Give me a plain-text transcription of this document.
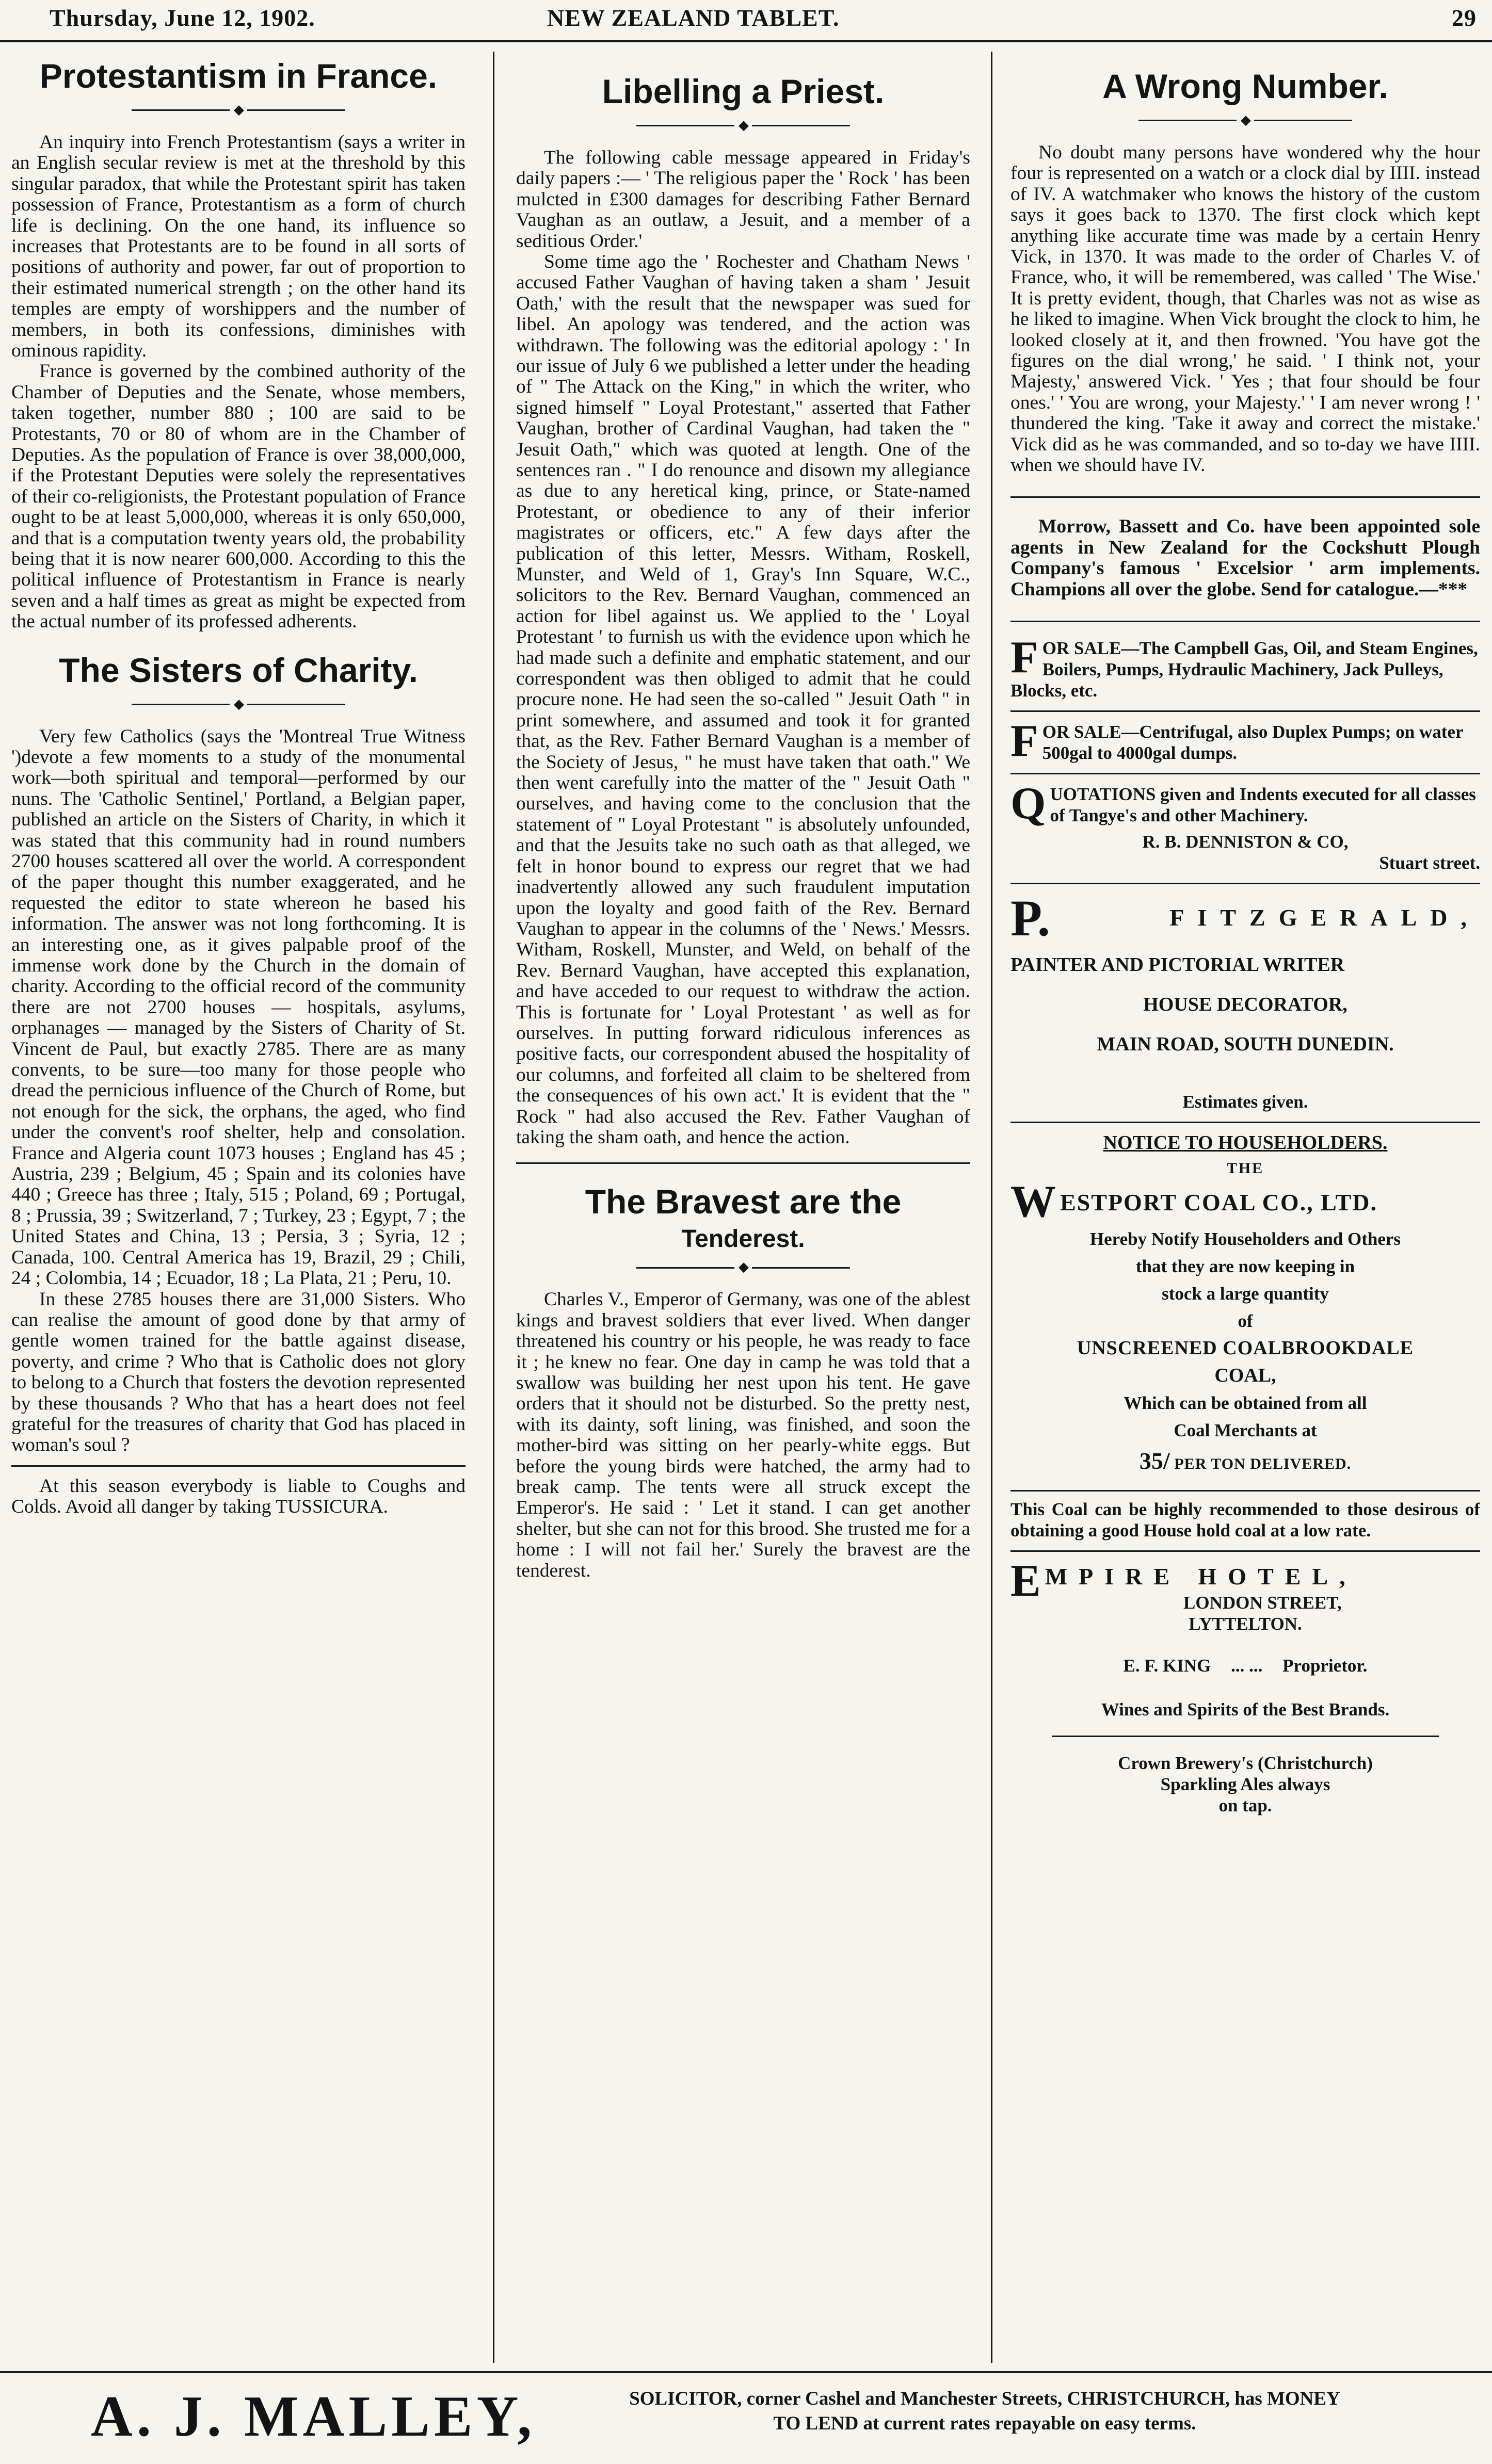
Thursday, June 12, 1902.	NEW ZEALAND TABLET.	29
Protestantism in France.
◆

An inquiry into French Protestantism (says a writer in an English secular review is met at the threshold by this singular paradox, that while the Protestant spirit has taken possession of France, Protestantism as a form of church life is declining. On the one hand, its influence so increases that Protestants are to be found in all sorts of positions of authority and power, far out of proportion to their estimated numerical strength ; on the other hand its temples are empty of worshippers and the number of members, in both its confessions, diminishes with ominous rapidity.

France is governed by the combined authority of the Chamber of Deputies and the Senate, whose members, taken together, number 880 ; 100 are said to be Protestants, 70 or 80 of whom are in the Chamber of Deputies. As the population of France is over 38,000,000, if the Protestant Deputies were solely the representatives of their co-religionists, the Protestant population of France ought to be at least 5,000,000, whereas it is only 650,000, and that is a computation twenty years old, the probability being that it is now nearer 600,000. According to this the political influence of Protestantism in France is nearly seven and a half times as great as might be expected from the actual number of its professed adherents.

The Sisters of Charity.
◆

Very few Catholics (says the 'Montreal True Witness ')devote a few moments to a study of the monumental work—both spiritual and temporal—performed by our nuns. The 'Catholic Sentinel,' Portland, a Belgian paper, published an article on the Sisters of Charity, in which it was stated that this community had in round numbers 2700 houses scattered all over the world. A correspondent of the paper thought this number exaggerated, and he requested the editor to state whereon he based his information. The answer was not long forthcoming. It is an interesting one, as it gives palpable proof of the immense work done by the Church in the domain of charity. According to the official record of the community there are not 2700 houses — hospitals, asylums, orphanages — managed by the Sisters of Charity of St. Vincent de Paul, but exactly 2785. There are as many convents, to be sure—too many for those people who dread the pernicious influence of the Church of Rome, but not enough for the sick, the orphans, the aged, who find under the convent's roof shelter, help and consolation. France and Algeria count 1073 houses ; England has 45 ; Austria, 239 ; Belgium, 45 ; Spain and its colonies have 440 ; Greece has three ; Italy, 515 ; Poland, 69 ; Portugal, 8 ; Prussia, 39 ; Switzerland, 7 ; Turkey, 23 ; Egypt, 7 ; the United States and China, 13 ; Persia, 3 ; Syria, 12 ; Canada, 100. Central America has 19, Brazil, 29 ; Chili, 24 ; Colombia, 14 ; Ecuador, 18 ; La Plata, 21 ; Peru, 10.

In these 2785 houses there are 31,000 Sisters. Who can realise the amount of good done by that army of gentle women trained for the battle against disease, poverty, and crime ? Who that is Catholic does not glory to belong to a Church that fosters the devotion represented by these thousands ? Who that has a heart does not feel grateful for the treasures of charity that God has placed in woman's soul ?

At this season everybody is liable to Coughs and Colds. Avoid all danger by taking TUSSICURA.

Libelling a Priest.
◆

The following cable message appeared in Friday's daily papers :— ' The religious paper the ' Rock ' has been mulcted in £300 damages for describing Father Bernard Vaughan as an outlaw, a Jesuit, and a member of a seditious Order.'

Some time ago the ' Rochester and Chatham News ' accused Father Vaughan of having taken a sham ' Jesuit Oath,' with the result that the newspaper was sued for libel. An apology was tendered, and the action was withdrawn. The following was the editorial apology : ' In our issue of July 6 we published a letter under the heading of " The Attack on the King," in which the writer, who signed himself " Loyal Protestant," asserted that Father Vaughan, brother of Cardinal Vaughan, had taken the " Jesuit Oath," which was quoted at length. One of the sentences ran . " I do renounce and disown my allegiance as due to any heretical king, prince, or State-named Protestant, or obedience to any of their inferior magistrates or officers, etc." A few days after the publication of this letter, Messrs. Witham, Roskell, Munster, and Weld of 1, Gray's Inn Square, W.C., solicitors to the Rev. Bernard Vaughan, commenced an action for libel against us. We applied to the ' Loyal Protestant ' to furnish us with the evidence upon which he had made such a definite and emphatic statement, and our correspondent was then obliged to admit that he could procure none. He had seen the so-called " Jesuit Oath " in print somewhere, and assumed and took it for granted that, as the Rev. Father Bernard Vaughan is a member of the Society of Jesus, " he must have taken that oath." We then went carefully into the matter of the " Jesuit Oath " ourselves, and having come to the conclusion that the statement of " Loyal Protestant " is absolutely unfounded, and that the Jesuits take no such oath as that alleged, we felt in honor bound to express our regret that we had inadvertently allowed any such fraudulent imputation upon the loyalty and good faith of the Rev. Bernard Vaughan to appear in the columns of the ' News.' Messrs. Witham, Roskell, Munster, and Weld, on behalf of the Rev. Bernard Vaughan, have accepted this explanation, and have acceded to our request to withdraw the action. This is fortunate for ' Loyal Protestant ' as well as for ourselves. In putting forward ridiculous inferences as positive facts, our correspondent abused the hospitality of our columns, and forfeited all claim to be sheltered from the consequences of his own act.' It is evident that the " Rock " had also accused the Rev. Father Vaughan of taking the sham oath, and hence the action.

The Bravest are the
Tenderest.
◆

Charles V., Emperor of Germany, was one of the ablest kings and bravest soldiers that ever lived. When danger threatened his country or his people, he was ready to face it ; he knew no fear. One day in camp he was told that a swallow was building her nest upon his tent. He gave orders that it should not be disturbed. So the pretty nest, with its dainty, soft lining, was finished, and soon the mother-bird was sitting on her pearly-white eggs. But before the young birds were hatched, the army had to break camp. The tents were all struck except the Emperor's. He said : ' Let it stand. I can get another shelter, but she can not for this brood. She trusted me for a home : I will not fail her.' Surely the bravest are the tenderest.

A Wrong Number.
◆

No doubt many persons have wondered why the hour four is represented on a watch or a clock dial by IIII. instead of IV. A watchmaker who knows the history of the custom says it goes back to 1370. The first clock which kept anything like accurate time was made by a certain Henry Vick, in 1370. It was made to the order of Charles V. of France, who, it will be remembered, was called ' The Wise.' It is pretty evident, though, that Charles was not as wise as he liked to imagine. When Vick brought the clock to him, he looked closely at it, and then frowned. 'You have got the figures on the dial wrong,' he said. ' I think not, your Majesty,' answered Vick. ' Yes ; that four should be four ones.' ' You are wrong, your Majesty.' ' I am never wrong ! ' thundered the king. 'Take it away and correct the mistake.' Vick did as he was commanded, and so to-day we have IIII. when we should have IV.

Morrow, Bassett and Co. have been appointed sole agents in New Zealand for the Cockshutt Plough Company's famous ' Excelsior ' arm implements. Champions all over the globe. Send for catalogue.—***

F OR SALE—The Campbell Gas, Oil, and Steam Engines, Boilers, Pumps, Hydraulic Machinery, Jack Pulleys, Blocks, etc.
F OR SALE—Centrifugal, also Duplex Pumps; on water 500gal to 4000gal dumps.
Q UOTATIONS given and Indents executed for all classes of Tangye's and other Machinery.
R. B. DENNISTON & CO,
Stuart street.
P.	FITZGERALD,
PAINTER AND PICTORIAL WRITER
HOUSE DECORATOR,
MAIN ROAD, SOUTH DUNEDIN.
Estimates given.
NOTICE TO HOUSEHOLDERS.
THE
W ESTPORT COAL CO., LTD.
Hereby Notify Householders and Others
that they are now keeping in
stock a large quantity
of
UNSCREENED COALBROOKDALE
COAL,
Which can be obtained from all
Coal Merchants at
35/ PER TON DELIVERED.
This Coal can be highly recommended to those desirous of obtaining a good House hold coal at a low rate.
E MPIRE HOTEL,
LONDON STREET,
LYTTELTON.
E. F. KING ... ... Proprietor.
Wines and Spirits of the Best Brands.
Crown Brewery's (Christchurch)
Sparkling Ales always
on tap.
A. J. MALLEY,	SOLICITOR, corner Cashel and Manchester Streets, CHRISTCHURCH, has MONEY
TO LEND at current rates repayable on easy terms.
